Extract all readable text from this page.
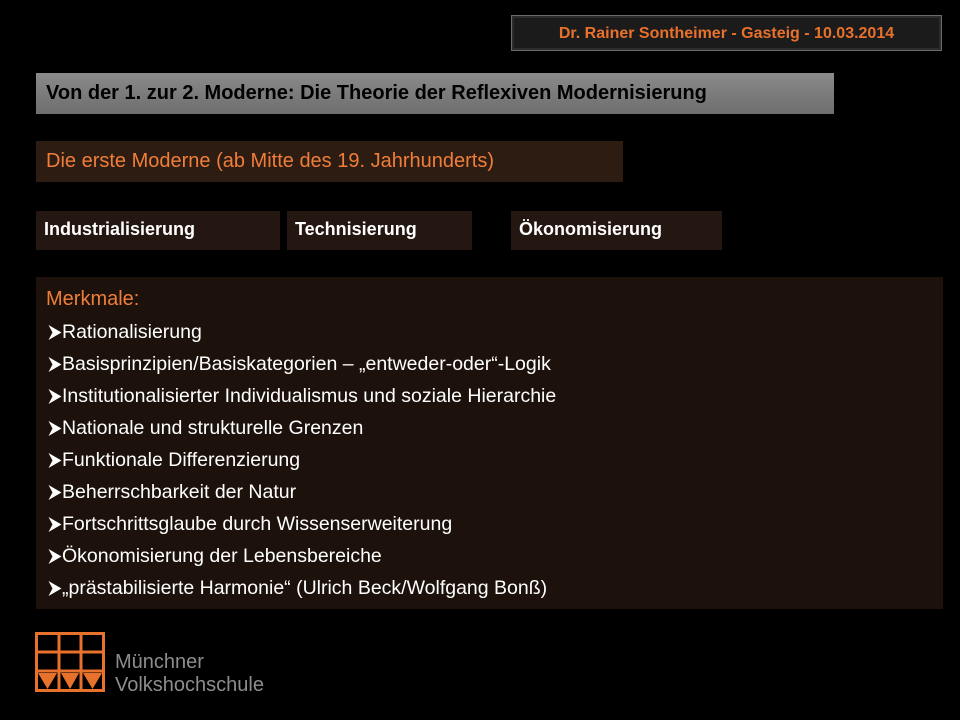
Dr. Rainer Sontheimer - Gasteig - 10.03.2014
Von der 1. zur 2. Moderne: Die Theorie der Reflexiven Modernisierung
Die erste Moderne (ab Mitte des 19. Jahrhunderts)
Industrialisierung	Technisierung	Ökonomisierung
Merkmale:
Rationalisierung
Basisprinzipien/Basiskategorien – „entweder-oder“-Logik
Institutionalisierter Individualismus und soziale Hierarchie
Nationale und strukturelle Grenzen
Funktionale Differenzierung
Beherrschbarkeit der Natur
Fortschrittsglaube durch Wissenserweiterung
Ökonomisierung der Lebensbereiche
„prästabilisierte Harmonie“ (Ulrich Beck/Wolfgang Bonß)
Münchner
Volkshochschule
